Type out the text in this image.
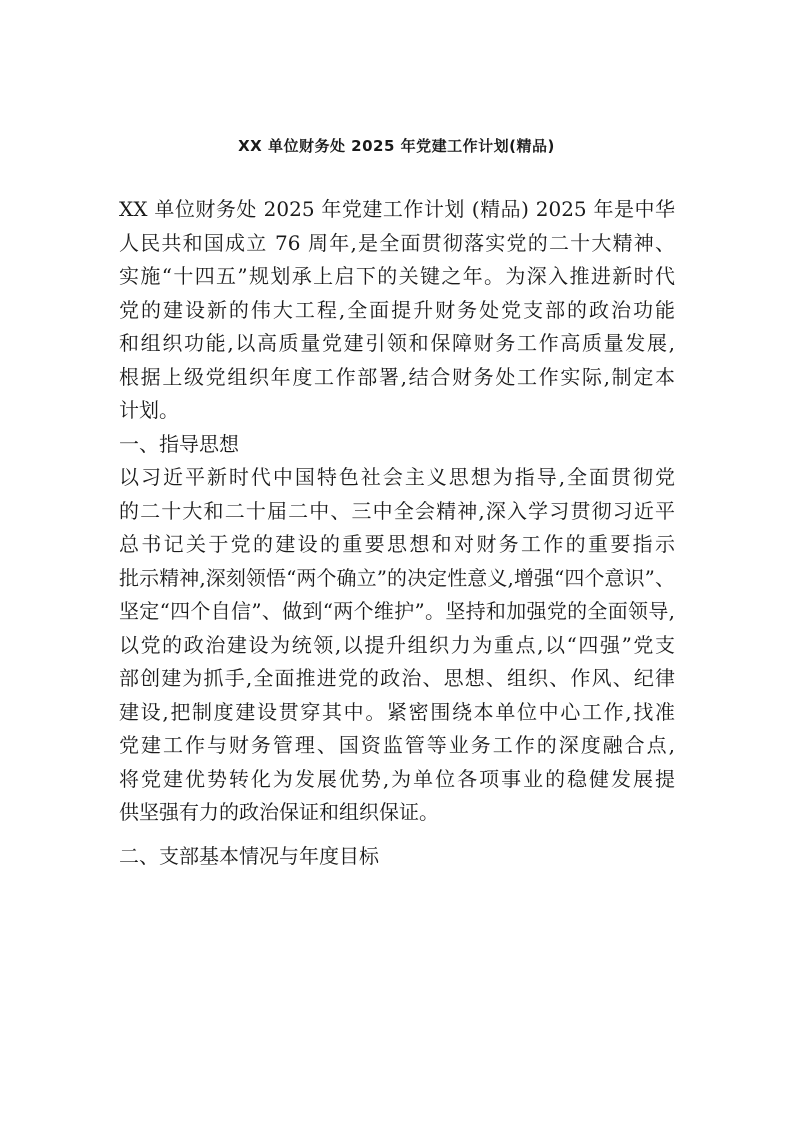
XX 单位财务处 2025 年党建工作计划(精品)
XX 单位财务处 2025 年党建工作计划 (精品) 2025 年是中华
人民共和国成立 76 周年,是全面贯彻落实党的二十大精神、
实施“十四五”规划承上启下的关键之年。为深入推进新时代
党的建设新的伟大工程,全面提升财务处党支部的政治功能
和组织功能,以高质量党建引领和保障财务工作高质量发展,
根据上级党组织年度工作部署,结合财务处工作实际,制定本
计划。
一、指导思想
以习近平新时代中国特色社会主义思想为指导,全面贯彻党
的二十大和二十届二中、三中全会精神,深入学习贯彻习近平
总书记关于党的建设的重要思想和对财务工作的重要指示
批示精神,深刻领悟“两个确立”的决定性意义,增强“四个意识”、
坚定“四个自信”、做到“两个维护”。坚持和加强党的全面领导,
以党的政治建设为统领,以提升组织力为重点,以“四强”党支
部创建为抓手,全面推进党的政治、思想、组织、作风、纪律
建设,把制度建设贯穿其中。紧密围绕本单位中心工作,找准
党建工作与财务管理、国资监管等业务工作的深度融合点,
将党建优势转化为发展优势,为单位各项事业的稳健发展提
供坚强有力的政治保证和组织保证。
二、支部基本情况与年度目标
